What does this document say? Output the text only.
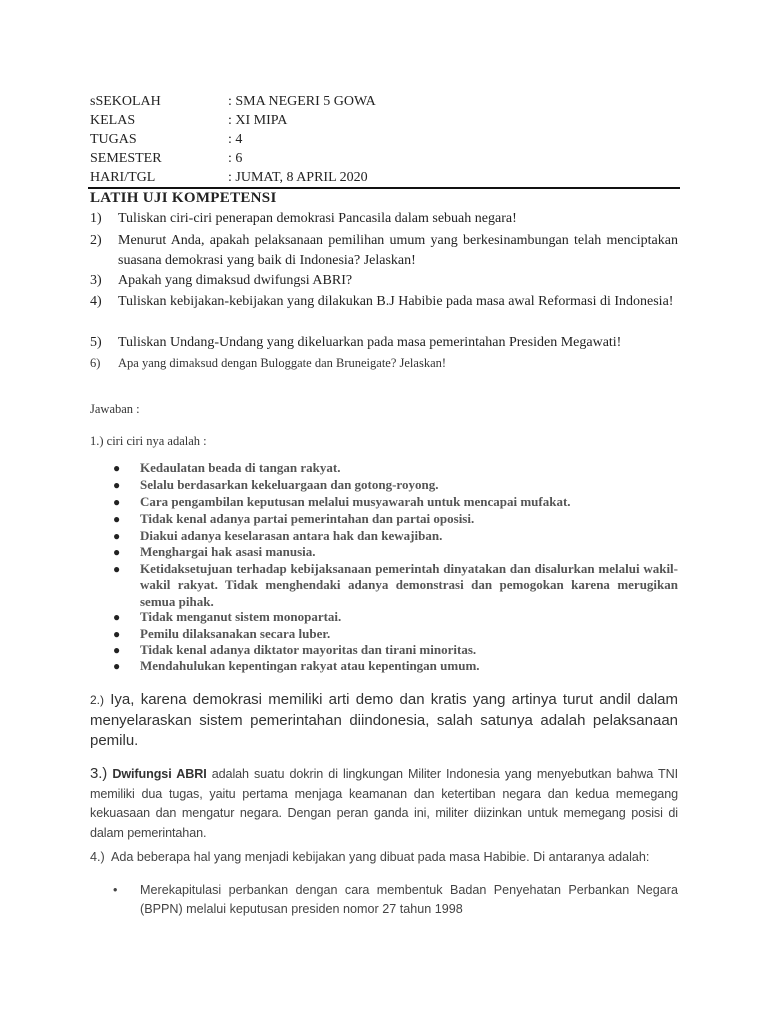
sSEKOLAH	: SMA NEGERI 5 GOWA
KELAS	: XI MIPA
TUGAS	: 4
SEMESTER	: 6
HARI/TGL	: JUMAT, 8 APRIL 2020
LATIH UJI KOMPETENSI
1) Tuliskan ciri-ciri penerapan demokrasi Pancasila dalam sebuah negara!
2) Menurut Anda, apakah pelaksanaan pemilihan umum yang berkesinambungan telah menciptakan suasana demokrasi yang baik di Indonesia? Jelaskan!
3) Apakah yang dimaksud dwifungsi ABRI?
4) Tuliskan kebijakan-kebijakan yang dilakukan B.J Habibie pada masa awal Reformasi di Indonesia!
5) Tuliskan Undang-Undang yang dikeluarkan pada masa pemerintahan Presiden Megawati!
6) Apa yang dimaksud dengan Buloggate dan Bruneigate? Jelaskan!
Jawaban :
1.) ciri ciri nya adalah :
● Kedaulatan beada di tangan rakyat.
● Selalu berdasarkan kekeluargaan dan gotong-royong.
● Cara pengambilan keputusan melalui musyawarah untuk mencapai mufakat.
● Tidak kenal adanya partai pemerintahan dan partai oposisi.
● Diakui adanya keselarasan antara hak dan kewajiban.
● Menghargai hak asasi manusia.
● Ketidaksetujuan terhadap kebijaksanaan pemerintah dinyatakan dan disalurkan melalui wakil-wakil rakyat. Tidak menghendaki adanya demonstrasi dan pemogokan karena merugikan semua pihak.
● Tidak menganut sistem monopartai.
● Pemilu dilaksanakan secara luber.
● Tidak kenal adanya diktator mayoritas dan tirani minoritas.
● Mendahulukan kepentingan rakyat atau kepentingan umum.
2.) Iya, karena demokrasi memiliki arti demo dan kratis yang artinya turut andil dalam menyelaraskan sistem pemerintahan diindonesia, salah satunya adalah pelaksanaan pemilu.
3.) Dwifungsi ABRI adalah suatu dokrin di lingkungan Militer Indonesia yang menyebutkan bahwa TNI memiliki dua tugas, yaitu pertama menjaga keamanan dan ketertiban negara dan kedua memegang kekuasaan dan mengatur negara. Dengan peran ganda ini, militer diizinkan untuk memegang posisi di dalam pemerintahan.
4.)  Ada beberapa hal yang menjadi kebijakan yang dibuat pada masa Habibie. Di antaranya adalah:
• Merekapitulasi perbankan dengan cara membentuk Badan Penyehatan Perbankan Negara (BPPN) melalui keputusan presiden nomor 27 tahun 1998
